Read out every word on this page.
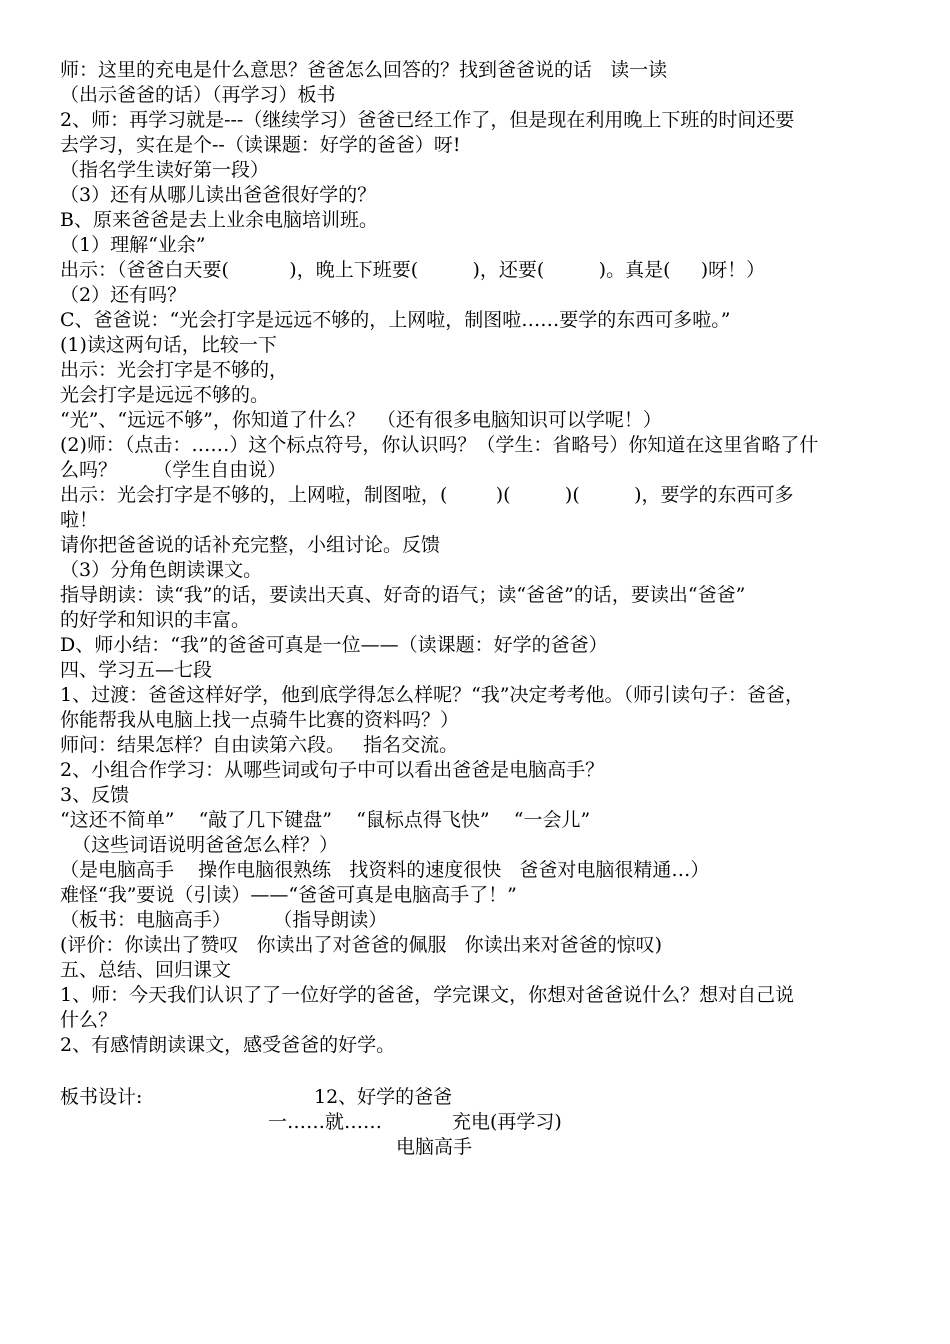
师：这里的充电是什么意思？爸爸怎么回答的？找到爸爸说的话   读一读
（出示爸爸的话）（再学习）板书
2、师：再学习就是---（继续学习）爸爸已经工作了，但是现在利用晚上下班的时间还要
去学习，实在是个--（读课题：好学的爸爸）呀!
（指名学生读好第一段）
（3）还有从哪儿读出爸爸很好学的？
B、原来爸爸是去上业余电脑培训班。
（1）理解“业余”
出示：（爸爸白天要(          )，晚上下班要(         )，还要(         )。真是(     )呀！）
（2）还有吗？
C、爸爸说：“光会打字是远远不够的，上网啦，制图啦……要学的东西可多啦。”
(1)读这两句话，比较一下
出示：光会打字是不够的，
光会打字是远远不够的。
“光”、“远远不够”，你知道了什么？  （还有很多电脑知识可以学呢！）
(2)师：（点击：……）这个标点符号，你认识吗？（学生：省略号）你知道在这里省略了什
么吗？      （学生自由说）
出示：光会打字是不够的，上网啦，制图啦，(        )(         )(         )，要学的东西可多
啦！
请你把爸爸说的话补充完整，小组讨论。反馈
（3）分角色朗读课文。
指导朗读：读“我”的话，要读出天真、好奇的语气；读“爸爸”的话，要读出“爸爸”
的好学和知识的丰富。
D、师小结：“我”的爸爸可真是一位——（读课题：好学的爸爸）
四、学习五—七段
1、过渡：爸爸这样好学，他到底学得怎么样呢？“我”决定考考他。（师引读句子：爸爸，
你能帮我从电脑上找一点骑牛比赛的资料吗？）
师问：结果怎样？自由读第六段。   指名交流。
2、小组合作学习：从哪些词或句子中可以看出爸爸是电脑高手？
3、反馈
“这还不简单”    “敲了几下键盘”    “鼠标点得飞快”    “一会儿”
（这些词语说明爸爸怎么样？）
（是电脑高手    操作电脑很熟练   找资料的速度很快   爸爸对电脑很精通…）
难怪“我”要说（引读）——“爸爸可真是电脑高手了！”
（板书：电脑高手）       （指导朗读）
(评价：你读出了赞叹   你读出了对爸爸的佩服   你读出来对爸爸的惊叹)
五、总结、回归课文
1、师：今天我们认识了了一位好学的爸爸，学完课文，你想对爸爸说什么？想对自己说
什么？
2、有感情朗读课文，感受爸爸的好学。
板书设计:	12、好学的爸爸
一……就……	充电(再学习)
电脑高手
